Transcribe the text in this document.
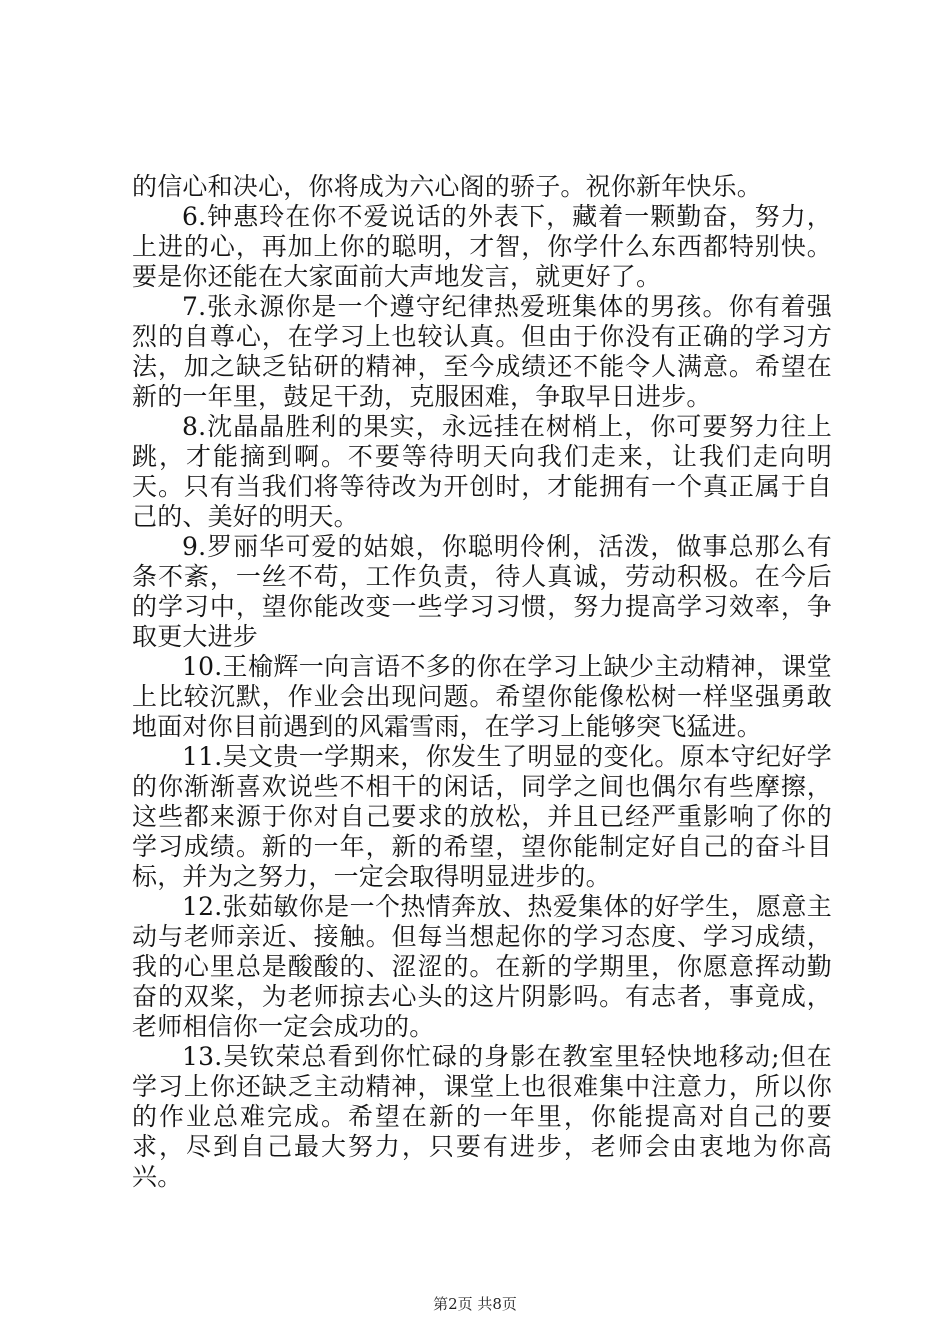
的信心和决心，你将成为六心阁的骄子。祝你新年快乐。

6.钟惠玲在你不爱说话的外表下，藏着一颗勤奋，努力，上进的心，再加上你的聪明，才智，你学什么东西都特别快。要是你还能在大家面前大声地发言，就更好了。

7.张永源你是一个遵守纪律热爱班集体的男孩。你有着强烈的自尊心，在学习上也较认真。但由于你没有正确的学习方法，加之缺乏钻研的精神，至今成绩还不能令人满意。希望在新的一年里，鼓足干劲，克服困难，争取早日进步。

8.沈晶晶胜利的果实，永远挂在树梢上，你可要努力往上跳，才能摘到啊。不要等待明天向我们走来，让我们走向明天。只有当我们将等待改为开创时，才能拥有一个真正属于自己的、美好的明天。

9.罗丽华可爱的姑娘，你聪明伶俐，活泼，做事总那么有条不紊，一丝不苟，工作负责，待人真诚，劳动积极。在今后的学习中，望你能改变一些学习习惯，努力提高学习效率，争取更大进步

10.王榆辉一向言语不多的你在学习上缺少主动精神，课堂上比较沉默，作业会出现问题。希望你能像松树一样坚强勇敢地面对你目前遇到的风霜雪雨，在学习上能够突飞猛进。

11.吴文贵一学期来，你发生了明显的变化。原本守纪好学的你渐渐喜欢说些不相干的闲话，同学之间也偶尔有些摩擦，这些都来源于你对自己要求的放松，并且已经严重影响了你的学习成绩。新的一年，新的希望，望你能制定好自己的奋斗目标，并为之努力，一定会取得明显进步的。

12.张茹敏你是一个热情奔放、热爱集体的好学生，愿意主动与老师亲近、接触。但每当想起你的学习态度、学习成绩，我的心里总是酸酸的、涩涩的。在新的学期里，你愿意挥动勤奋的双桨，为老师掠去心头的这片阴影吗。有志者，事竟成，老师相信你一定会成功的。

13.吴钦荣总看到你忙碌的身影在教室里轻快地移动;但在学习上你还缺乏主动精神，课堂上也很难集中注意力，所以你的作业总难完成。希望在新的一年里，你能提高对自己的要求，尽到自己最大努力，只要有进步，老师会由衷地为你高兴。

第2页 共8页
